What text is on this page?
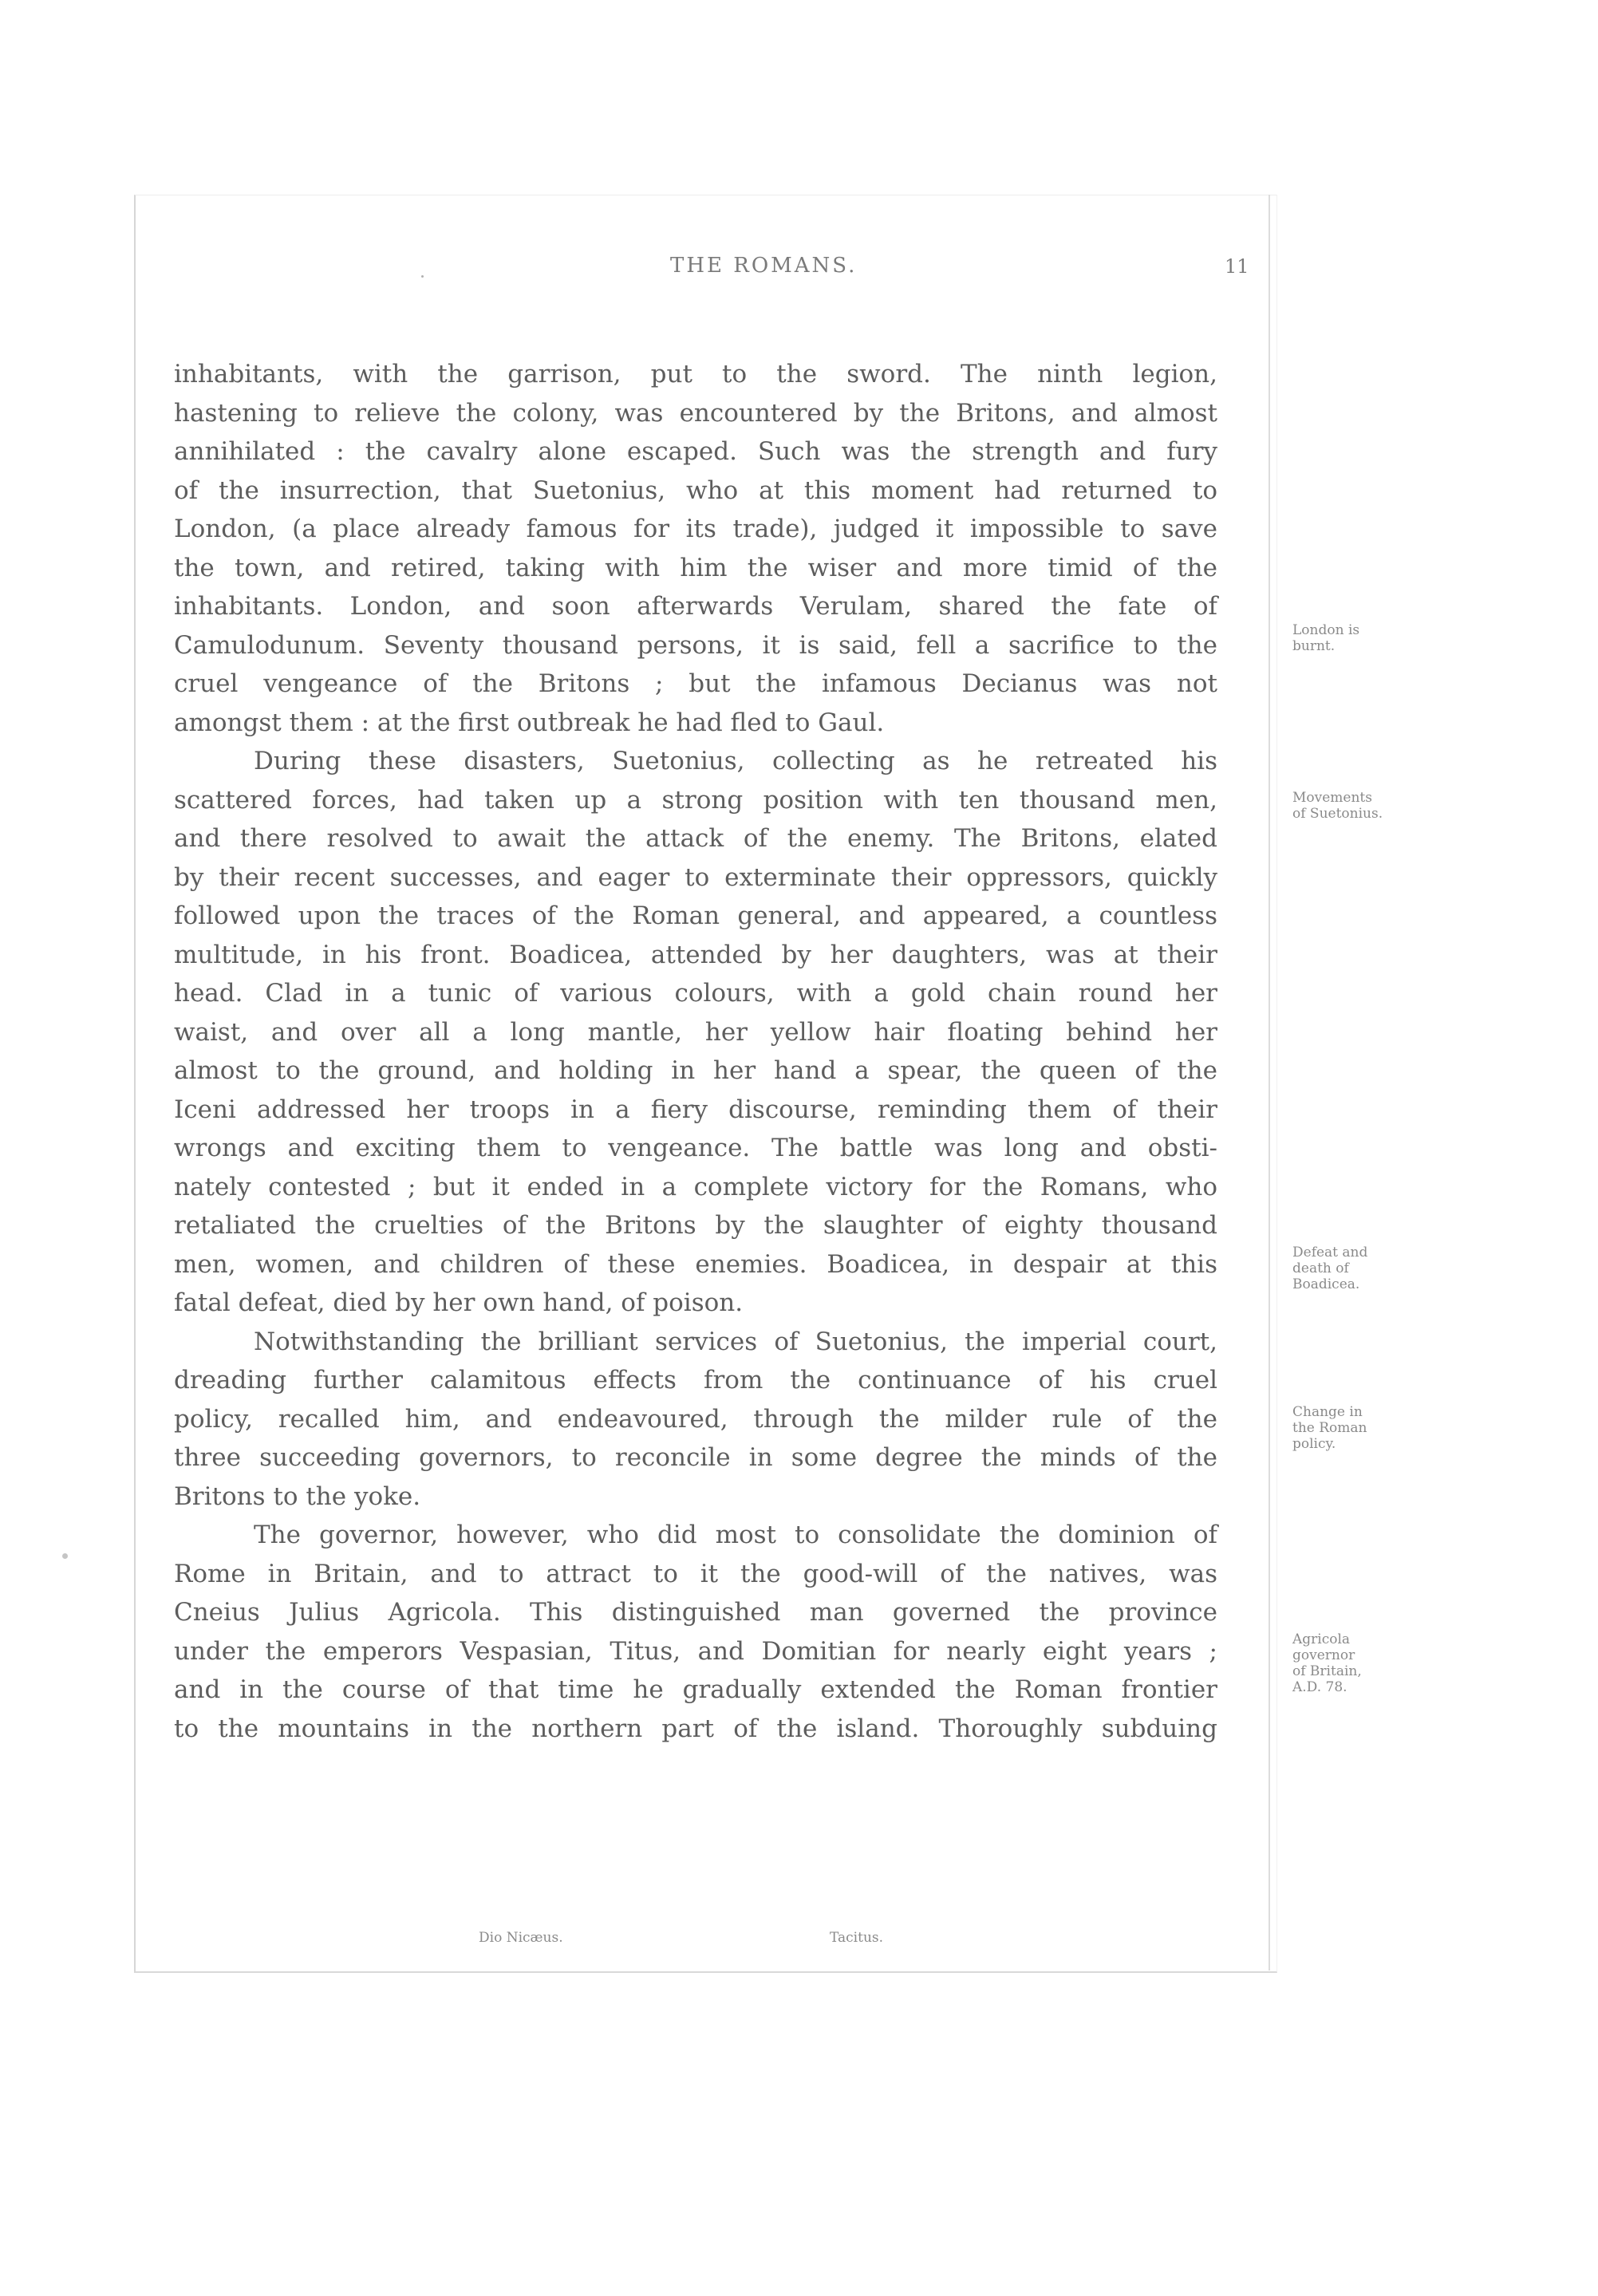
THE ROMANS.	11
inhabitants, with the garrison, put to the sword. The ninth legion,
hastening to relieve the colony, was encountered by the Britons, and almost
annihilated : the cavalry alone escaped. Such was the strength and fury
of the insurrection, that Suetonius, who at this moment had returned to
London, (a place already famous for its trade), judged it impossible to save
the town, and retired, taking with him the wiser and more timid of the
inhabitants. London, and soon afterwards Verulam, shared the fate of
Camulodunum. Seventy thousand persons, it is said, fell a sacrifice to the
cruel vengeance of the Britons ; but the infamous Decianus was not
amongst them : at the first outbreak he had fled to Gaul.
During these disasters, Suetonius, collecting as he retreated his
scattered forces, had taken up a strong position with ten thousand men,
and there resolved to await the attack of the enemy. The Britons, elated
by their recent successes, and eager to exterminate their oppressors, quickly
followed upon the traces of the Roman general, and appeared, a countless
multitude, in his front. Boadicea, attended by her daughters, was at their
head. Clad in a tunic of various colours, with a gold chain round her
waist, and over all a long mantle, her yellow hair floating behind her
almost to the ground, and holding in her hand a spear, the queen of the
Iceni addressed her troops in a fiery discourse, reminding them of their
wrongs and exciting them to vengeance. The battle was long and obsti-
nately contested ; but it ended in a complete victory for the Romans, who
retaliated the cruelties of the Britons by the slaughter of eighty thousand
men, women, and children of these enemies. Boadicea, in despair at this
fatal defeat, died by her own hand, of poison.
Notwithstanding the brilliant services of Suetonius, the imperial court,
dreading further calamitous effects from the continuance of his cruel
policy, recalled him, and endeavoured, through the milder rule of the
three succeeding governors, to reconcile in some degree the minds of the
Britons to the yoke.
The governor, however, who did most to consolidate the dominion of
Rome in Britain, and to attract to it the good-will of the natives, was
Cneius Julius Agricola. This distinguished man governed the province
under the emperors Vespasian, Titus, and Domitian for nearly eight years ;
and in the course of that time he gradually extended the Roman frontier
to the mountains in the northern part of the island. Thoroughly subduing
London is
burnt.
Movements
of Suetonius.
Defeat and
death of
Boadicea.
Change in
the Roman
policy.
Agricola
governor
of Britain,
A.D. 78.
Dio Nicæus.	Tacitus.
